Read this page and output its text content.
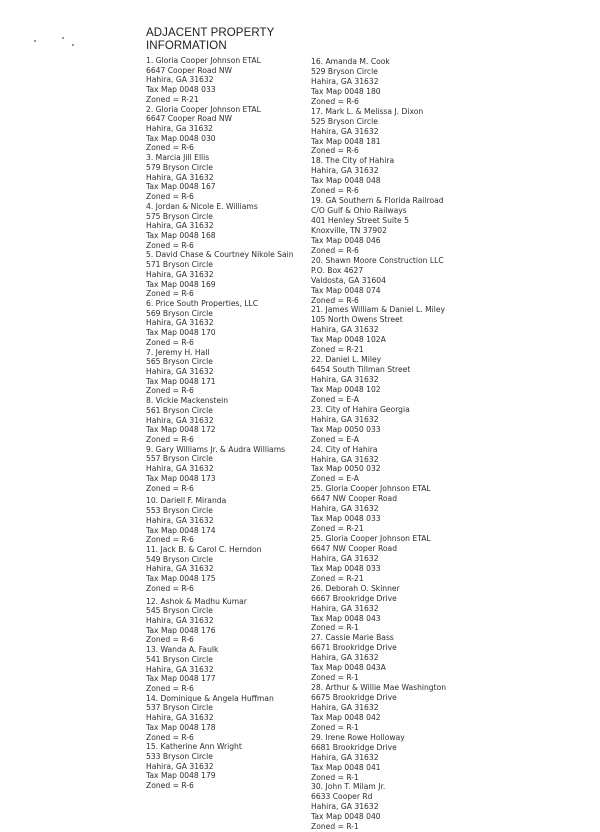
ADJACENT PROPERTY
INFORMATION
1. Gloria Cooper Johnson ETAL
6647 Cooper Road NW
Hahira, GA 31632
Tax Map 0048 033
Zoned = R-21
2. Gloria Cooper Johnson ETAL
6647 Cooper Road NW
Hahira, Ga 31632
Tax Map 0048 030
Zoned = R-6
3. Marcia Jill Ellis
579 Bryson Circle
Hahira, GA 31632
Tax Map 0048 167
Zoned = R-6
4. Jordan & Nicole E. Williams
575 Bryson Circle
Hahira, GA 31632
Tax Map 0048 168
Zoned = R-6
5. David Chase & Courtney Nikole Sain
571 Bryson Circle
Hahira, GA 31632
Tax Map 0048 169
Zoned = R-6
6. Price South Properties, LLC
569 Bryson Circle
Hahira, GA 31632
Tax Map 0048 170
Zoned = R-6
7. Jeremy H. Hall
565 Bryson Circle
Hahira, GA 31632
Tax Map 0048 171
Zoned = R-6
8. Vickie Mackenstein
561 Bryson Circle
Hahira, GA 31632
Tax Map 0048 172
Zoned = R-6
9. Gary Williams Jr. & Audra Williams
557 Bryson Circle
Hahira, GA 31632
Tax Map 0048 173
Zoned = R-6
10. Dariell F. Miranda
553 Bryson Circle
Hahira, GA 31632
Tax Map 0048 174
Zoned = R-6
11. Jack B. & Carol C. Herndon
549 Bryson Circle
Hahira, GA 31632
Tax Map 0048 175
Zoned = R-6
12. Ashok & Madhu Kumar
545 Bryson Circle
Hahira, GA 31632
Tax Map 0048 176
Zoned = R-6
13. Wanda A. Faulk
541 Bryson Circle
Hahira, GA 31632
Tax Map 0048 177
Zoned = R-6
14. Dominique & Angela Huffman
537 Bryson Circle
Hahira, GA 31632
Tax Map 0048 178
Zoned = R-6
15. Katherine Ann Wright
533 Bryson Circle
Hahira, GA 31632
Tax Map 0048 179
Zoned = R-6
16. Amanda M. Cook
529 Bryson Circle
Hahira, GA 31632
Tax Map 0048 180
Zoned = R-6
17. Mark L. & Melissa J. Dixon
525 Bryson Circle
Hahira, GA 31632
Tax Map 0048 181
Zoned = R-6
18. The City of Hahira
Hahira, GA 31632
Tax Map 0048 048
Zoned = R-6
19. GA Southern & Florida Railroad
C/O Gulf & Ohio Railways
401 Henley Street Suite 5
Knoxville, TN 37902
Tax Map 0048 046
Zoned = R-6
20. Shawn Moore Construction LLC
P.O. Box 4627
Valdosta, GA 31604
Tax Map 0048 074
Zoned = R-6
21. James William & Daniel L. Miley
105 North Owens Street
Hahira, GA 31632
Tax Map 0048 102A
Zoned = R-21
22. Daniel L. Miley
6454 South Tillman Street
Hahira, GA 31632
Tax Map 0048 102
Zoned = E-A
23. City of Hahira Georgia
Hahira, GA 31632
Tax Map 0050 033
Zoned = E-A
24. City of Hahira
Hahira, GA 31632
Tax Map 0050 032
Zoned = E-A
25. Gloria Cooper Johnson ETAL
6647 NW Cooper Road
Hahira, GA 31632
Tax Map 0048 033
Zoned = R-21
25. Gloria Cooper Johnson ETAL
6647 NW Cooper Road
Hahira, GA 31632
Tax Map 0048 033
Zoned = R-21
26. Deborah O. Skinner
6667 Brookridge Drive
Hahira, GA 31632
Tax Map 0048 043
Zoned = R-1
27. Cassie Marie Bass
6671 Brookridge Drive
Hahira, GA 31632
Tax Map 0048 043A
Zoned = R-1
28. Arthur & Willie Mae Washington
6675 Brookridge Drive
Hahira, GA 31632
Tax Map 0048 042
Zoned = R-1
29. Irene Rowe Holloway
6681 Brookridge Drive
Hahira, GA 31632
Tax Map 0048 041
Zoned = R-1
30. John T. Milam Jr.
6633 Cooper Rd
Hahira, GA 31632
Tax Map 0048 040
Zoned = R-1
